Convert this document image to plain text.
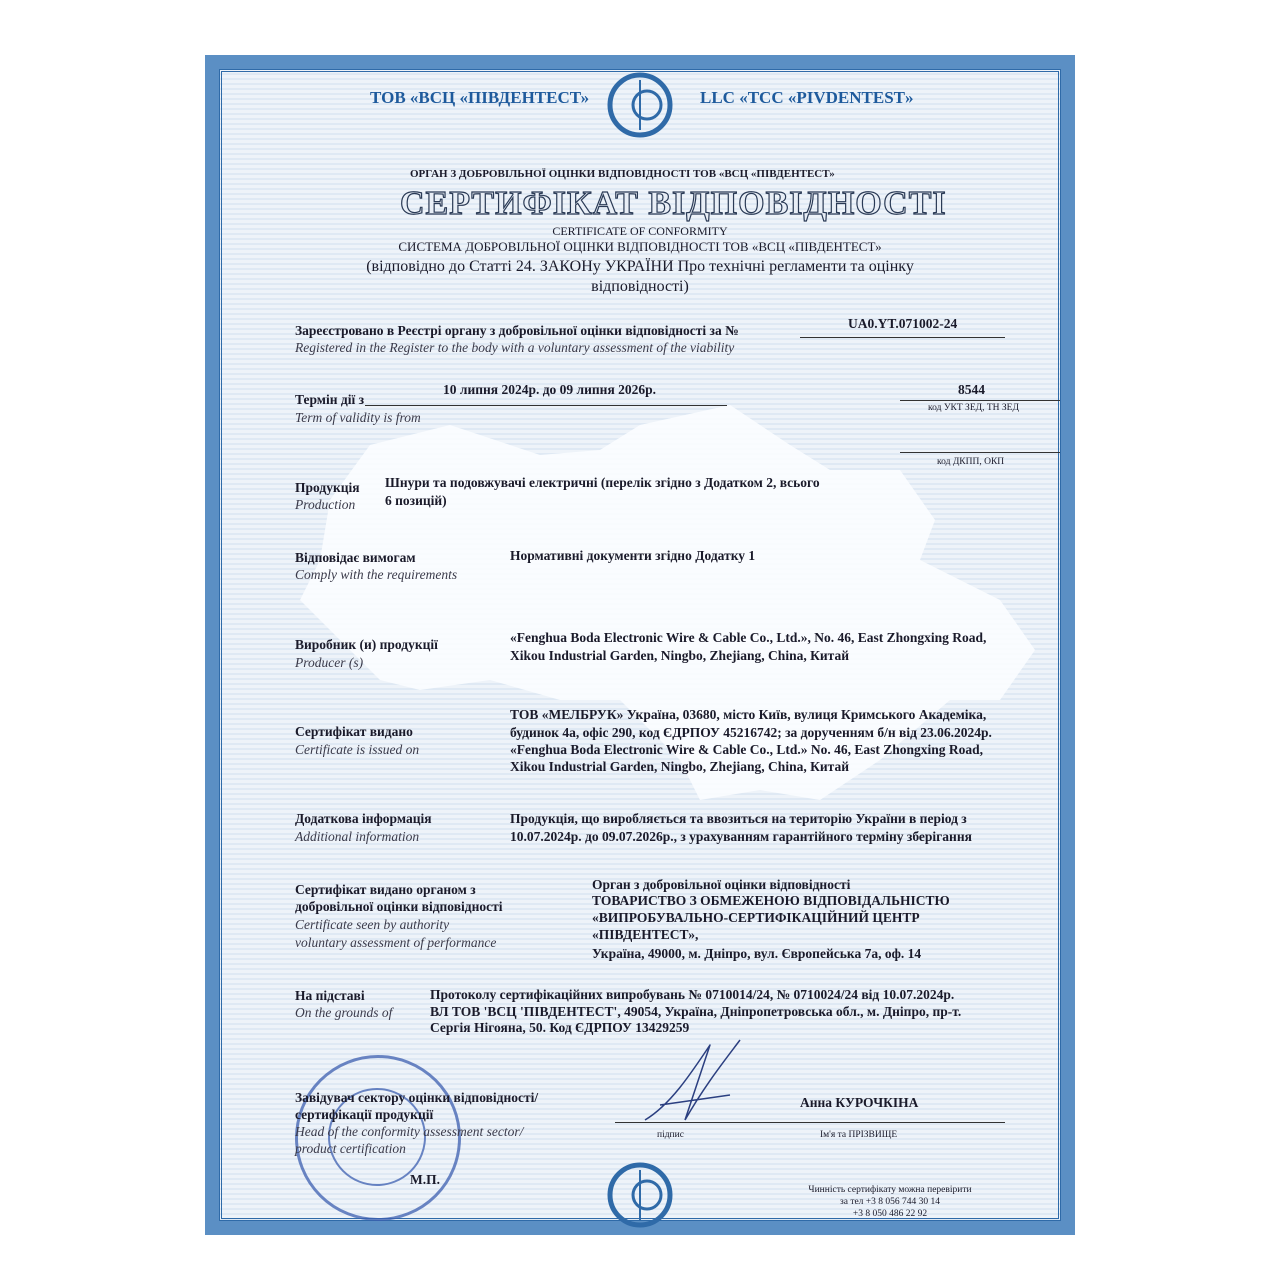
ТОВ «ВСЦ «ПІВДЕНТЕСТ»	LLC «TCC «PIVDENTEST»
ОРГАН З ДОБРОВІЛЬНОЇ ОЦІНКИ ВІДПОВІДНОСТІ ТОВ «ВСЦ «ПІВДЕНТЕСТ»
СЕРТИФІКАТ ВІДПОВІДНОСТІ
CERTIFICATE OF CONFORMITY
СИСТЕМА ДОБРОВІЛЬНОЇ ОЦІНКИ ВІДПОВІДНОСТІ ТОВ «ВСЦ «ПІВДЕНТЕСТ»
(відповідно до Статті 24. ЗАКОНу УКРАЇНИ Про технічні регламенти та оцінку
відповідності)
Зареєстровано в Реєстрі органу з добровільної оцінки відповідності за №
Registered in the Register to the body with a voluntary assessment of the viability
UA0.YT.071002-24
10 липня 2024р. до 09 липня 2026р.
Термін дії з
Term of validity is from
8544
код УКТ ЗЕД, ТН ЗЕД
код ДКПП, ОКП
Продукція
Production
Шнури та подовжувачі електричні (перелік згідно з Додатком 2, всього
6 позицій)
Відповідає вимогам
Comply with the requirements
Нормативні документи згідно Додатку 1
Виробник (и) продукції
Producer (s)
«Fenghua Boda Electronic Wire & Cable Co., Ltd.», No. 46, East Zhongxing Road,
Xikou Industrial Garden, Ningbo, Zhejiang, China, Китай
Сертифікат видано
Certificate is issued on
ТОВ «МЕЛБРУК» Україна, 03680, місто Київ, вулиця Кримського Академіка,
будинок 4а, офіс 290, код ЄДРПОУ 45216742; за дорученням б/н від 23.06.2024р.
«Fenghua Boda Electronic Wire & Cable Co., Ltd.» No. 46, East Zhongxing Road,
Xikou Industrial Garden, Ningbo, Zhejiang, China, Китай
Додаткова інформація
Additional information
Продукція, що виробляється та ввозиться на територію України в період з
10.07.2024р. до 09.07.2026р., з урахуванням гарантійного терміну зберігання
Сертифікат видано органом з
добровільної оцінки відповідності
Certificate seen by authority
voluntary assessment of performance
Орган з добровільної оцінки відповідності
ТОВАРИСТВО З ОБМЕЖЕНОЮ ВІДПОВІДАЛЬНІСТЮ
«ВИПРОБУВАЛЬНО-СЕРТИФІКАЦІЙНИЙ ЦЕНТР
«ПІВДЕНТЕСТ»,
Україна, 49000, м. Дніпро, вул. Європейська 7а, оф. 14
На підставі
On the grounds of
Протоколу сертифікаційних випробувань № 0710014/24, № 0710024/24 від 10.07.2024р.
ВЛ ТОВ 'ВСЦ 'ПІВДЕНТЕСТ', 49054, Україна, Дніпропетровська обл., м. Дніпро, пр-т.
Сергія Нігояна, 50. Код ЄДРПОУ 13429259
Завідувач сектору оцінки відповідності/
сертифікації продукції
Head of the conformity assessment sector/
product certification
М.П.
підпис
Анна КУРОЧКІНА
Ім'я та ПРІЗВИЩЕ
Чинність сертифікату можна перевірити
за тел +3 8 056 744 30 14
+3 8 050 486 22 92
